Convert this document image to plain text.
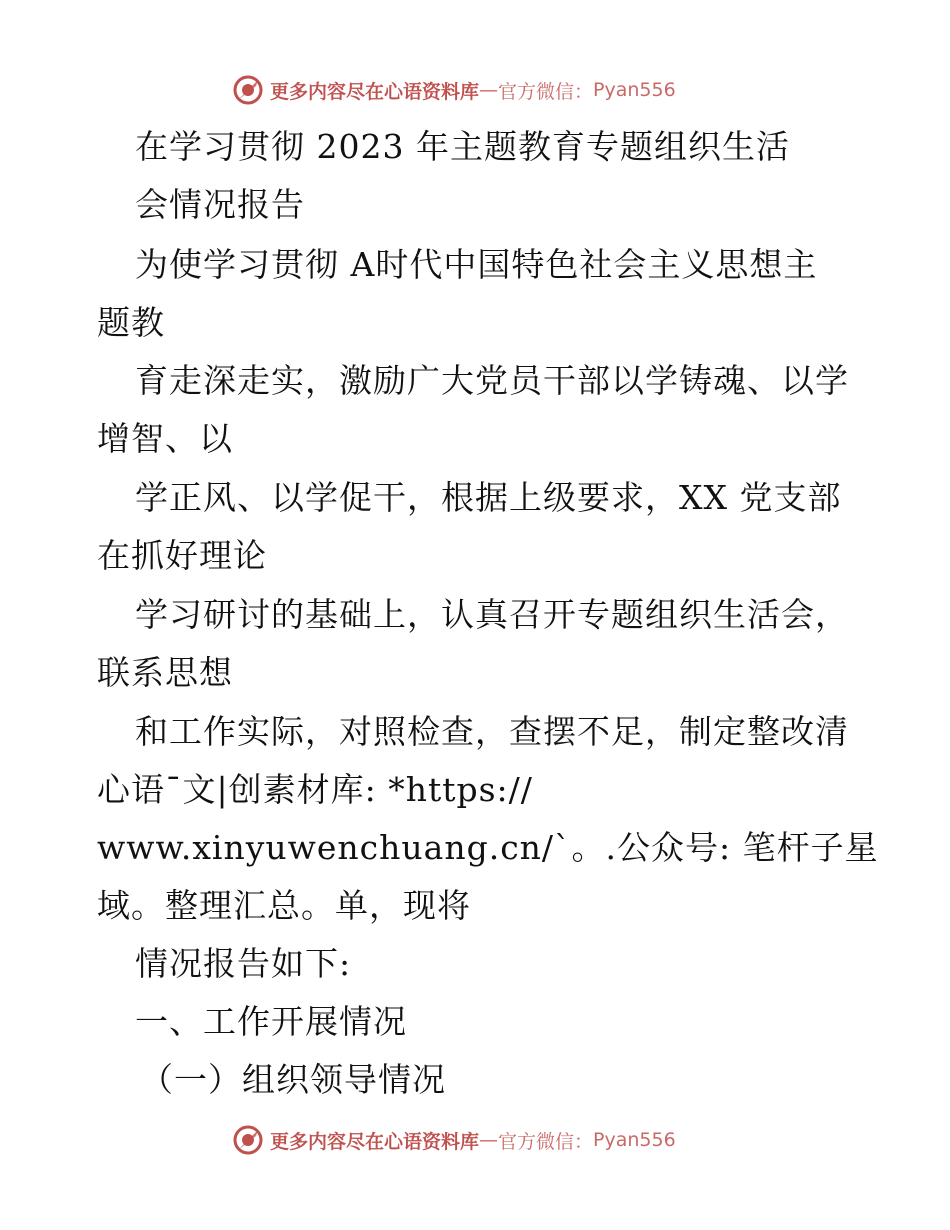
更多内容尽在心语资料库 — 官方微信： Pyan556
在学习贯彻 2023 年主题教育专题组织生活
会情况报告
为使学习贯彻 A时代中国特色社会主义思想主
题教
育走深走实，激励广大党员干部以学铸魂、以学
增智、以
学正风、以学促干，根据上级要求，XX 党支部
在抓好理论
学习研讨的基础上，认真召开专题组织生活会，
联系思想
和工作实际，对照检查，查摆不足，制定整改清
心语¯文|创素材库: *https://
www.xinyuwenchuang.cn/`。.公众号: 笔杆子星
域。整理汇总。单，现将
情况报告如下:
一、工作开展情况
（一）组织领导情况
更多内容尽在心语资料库 — 官方微信： Pyan556
